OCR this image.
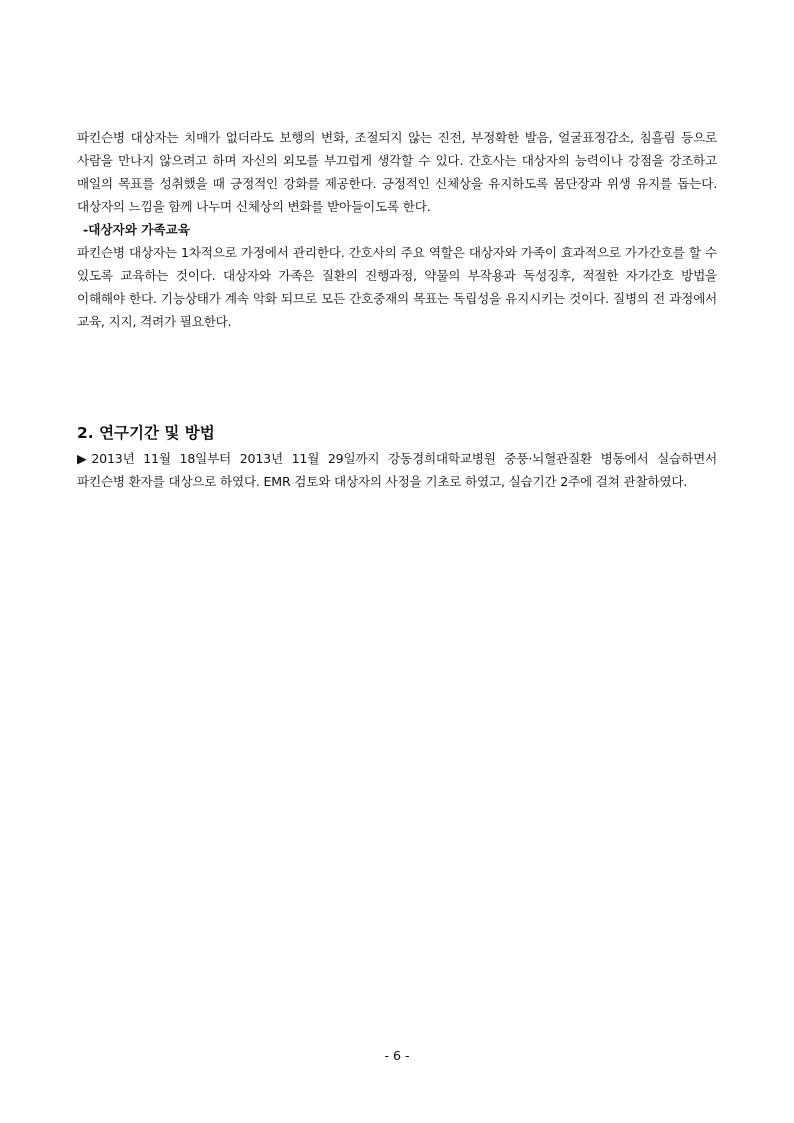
파킨슨병 대상자는 치매가 없더라도 보행의 변화, 조절되지 않는 진전, 부정확한 발음, 얼굴표정감소, 침흘림 등으로 사람을 만나지 않으려고 하며 자신의 외모를 부끄럽게 생각할 수 있다. 간호사는 대상자의 능력이나 강점을 강조하고 매일의 목표를 성취했을 때 긍정적인 강화를 제공한다. 긍정적인 신체상을 유지하도록 몸단장과 위생 유지를 돕는다. 대상자의 느낌을 함께 나누며 신체상의 변화를 받아들이도록 한다.

-대상자와 가족교육

파킨슨병 대상자는 1차적으로 가정에서 관리한다. 간호사의 주요 역할은 대상자와 가족이 효과적으로 가가간호를 할 수 있도록 교육하는 것이다. 대상자와 가족은 질환의 진행과정, 약물의 부작용과 독성징후, 적절한 자가간호 방법을 이해해야 한다. 기능상태가 계속 악화 되므로 모든 간호중재의 목표는 독립성을 유지시키는 것이다. 질병의 전 과정에서 교육, 지지, 격려가 필요한다.

2. 연구기간 및 방법

▶2013년 11월 18일부터 2013년 11월 29일까지 강동경희대학교병원 중풍·뇌혈관질환 병동에서 실습하면서 파킨슨병 환자를 대상으로 하였다. EMR 검토와 대상자의 사정을 기초로 하였고, 실습기간 2주에 걸쳐 관찰하였다.

- 6 -
